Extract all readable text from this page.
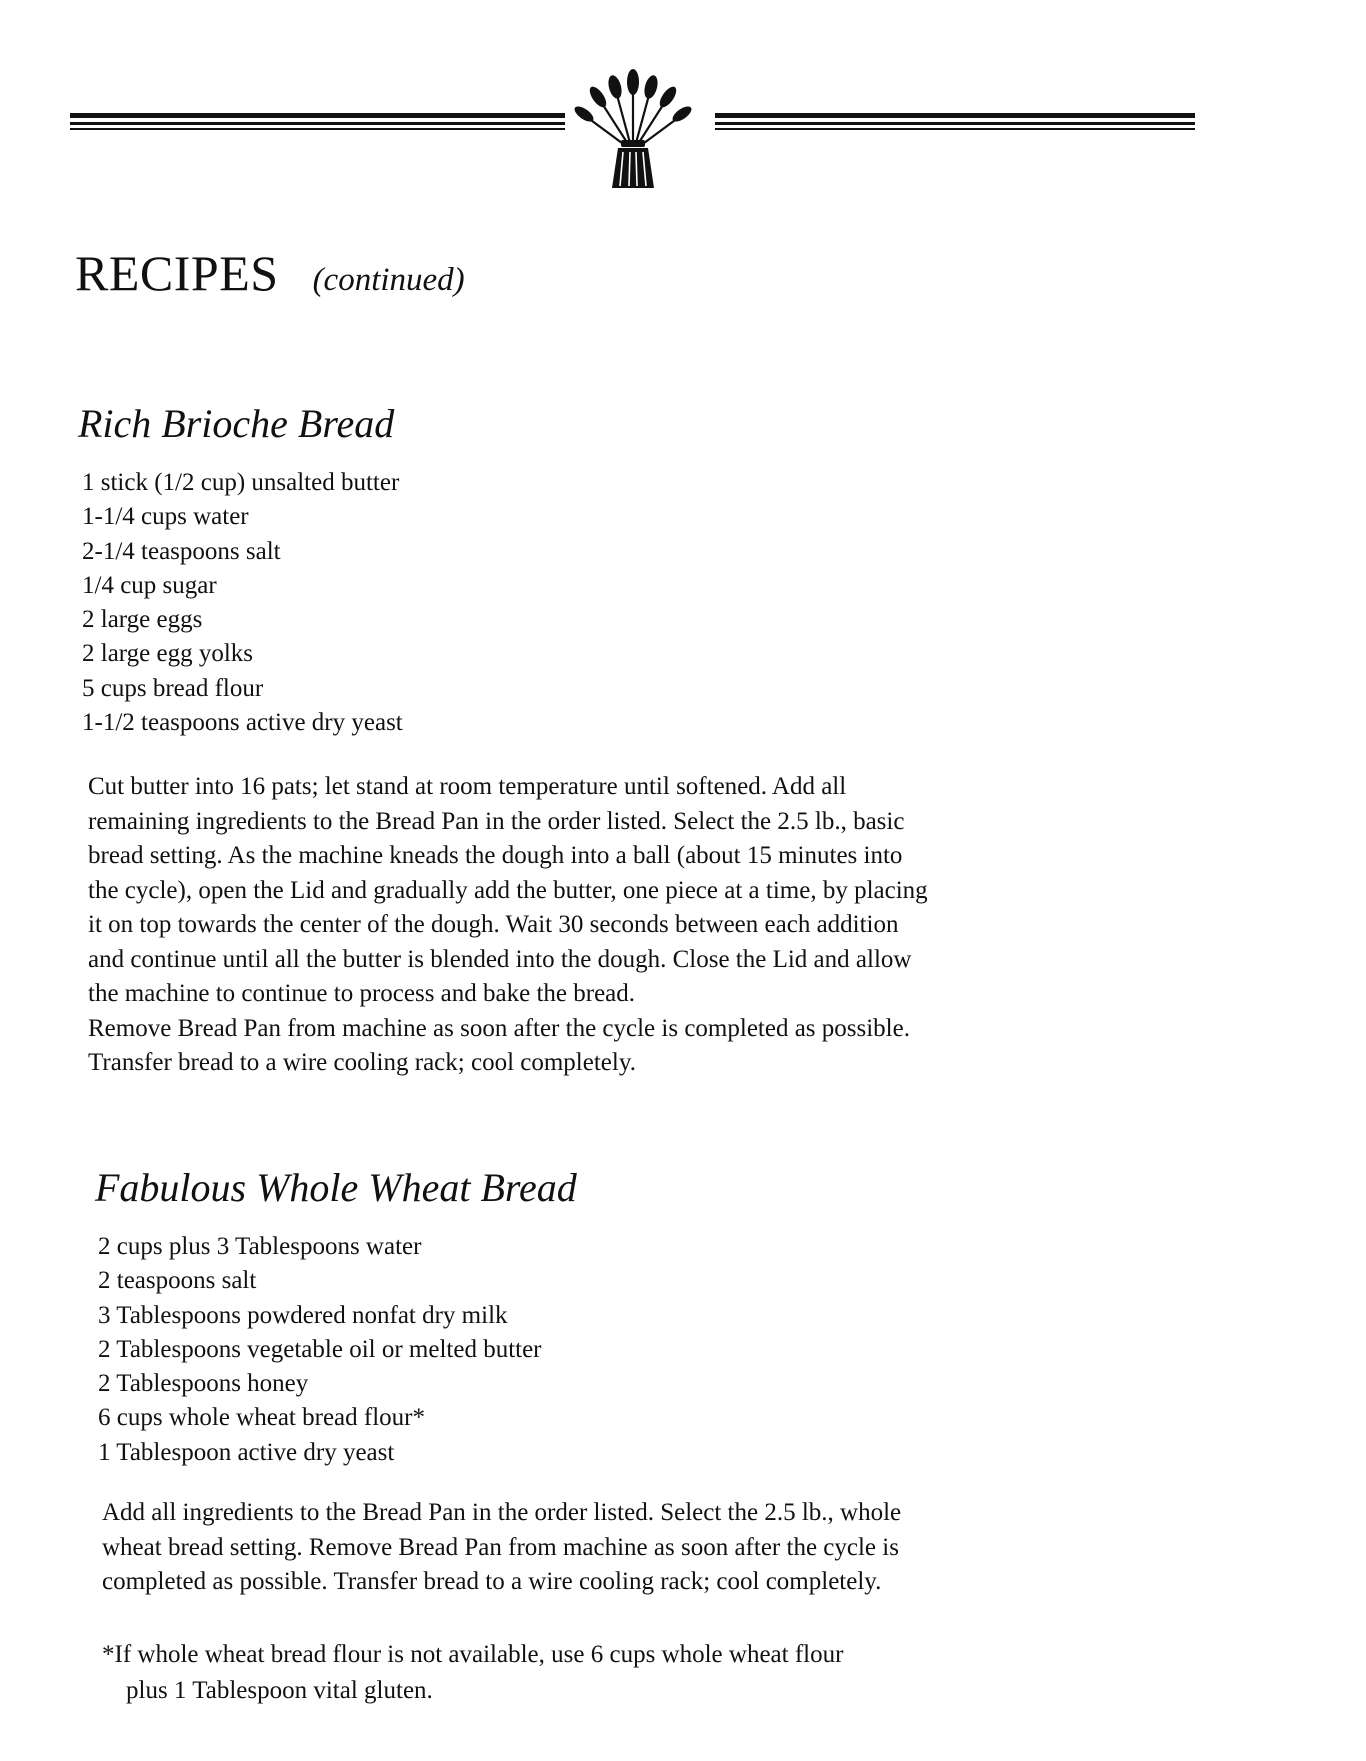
RECIPES (continued)
Rich Brioche Bread
1 stick (1/2 cup) unsalted butter
1-1/4 cups water
2-1/4 teaspoons salt
1/4 cup sugar
2 large eggs
2 large egg yolks
5 cups bread flour
1-1/2 teaspoons active dry yeast

Cut butter into 16 pats; let stand at room temperature until softened. Add all
remaining ingredients to the Bread Pan in the order listed. Select the 2.5 lb., basic
bread setting. As the machine kneads the dough into a ball (about 15 minutes into
the cycle), open the Lid and gradually add the butter, one piece at a time, by placing
it on top towards the center of the dough. Wait 30 seconds between each addition
and continue until all the butter is blended into the dough. Close the Lid and allow
the machine to continue to process and bake the bread.
Remove Bread Pan from machine as soon after the cycle is completed as possible.
Transfer bread to a wire cooling rack; cool completely.

Fabulous Whole Wheat Bread
2 cups plus 3 Tablespoons water
2 teaspoons salt
3 Tablespoons powdered nonfat dry milk
2 Tablespoons vegetable oil or melted butter
2 Tablespoons honey
6 cups whole wheat bread flour*
1 Tablespoon active dry yeast

Add all ingredients to the Bread Pan in the order listed. Select the 2.5 lb., whole
wheat bread setting. Remove Bread Pan from machine as soon after the cycle is
completed as possible. Transfer bread to a wire cooling rack; cool completely.

*If whole wheat bread flour is not available, use 6 cups whole wheat flour
plus 1 Tablespoon vital gluten.
